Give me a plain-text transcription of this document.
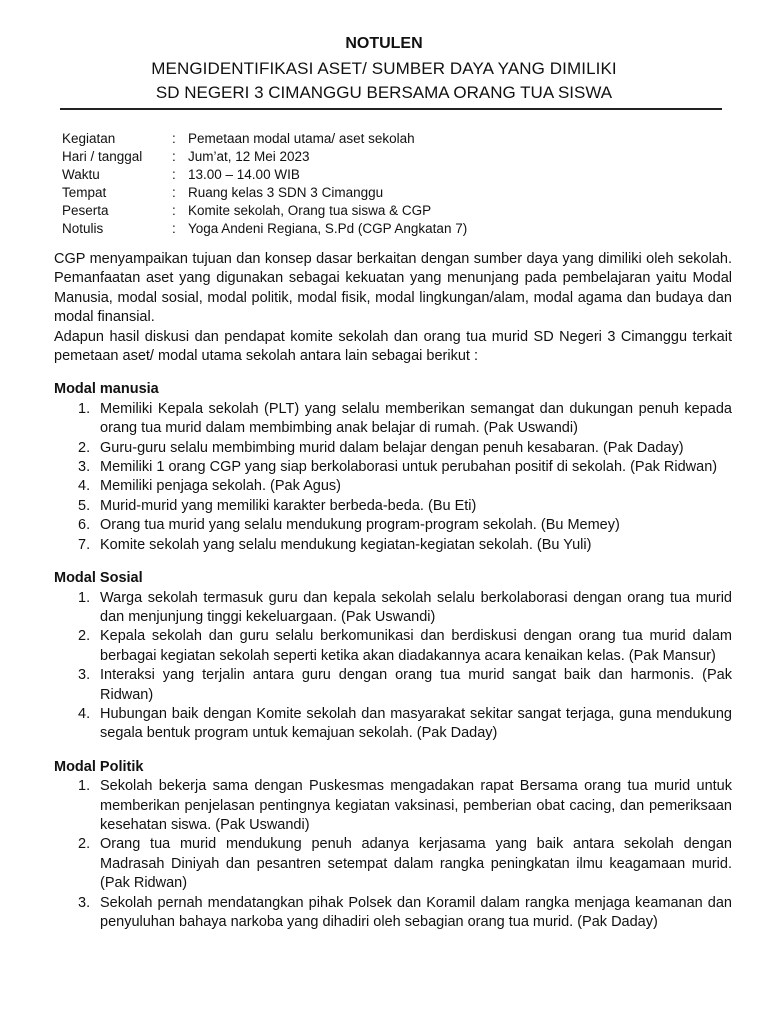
NOTULEN
MENGIDENTIFIKASI ASET/ SUMBER DAYA YANG DIMILIKI
SD NEGERI 3 CIMANGGU BERSAMA ORANG TUA SISWA
Kegiatan	: Pemetaan modal utama/ aset sekolah
Hari / tanggal	: Jum’at, 12 Mei 2023
Waktu	: 13.00 – 14.00 WIB
Tempat	: Ruang kelas 3 SDN 3 Cimanggu
Peserta	: Komite sekolah, Orang tua siswa & CGP
Notulis	: Yoga Andeni Regiana, S.Pd (CGP Angkatan 7)

CGP menyampaikan tujuan dan konsep dasar berkaitan dengan sumber daya yang dimiliki oleh sekolah. Pemanfaatan aset yang digunakan sebagai kekuatan yang menunjang pada pembelajaran yaitu Modal Manusia, modal sosial, modal politik, modal fisik, modal lingkungan/alam, modal agama dan budaya dan modal finansial.

Adapun hasil diskusi dan pendapat komite sekolah dan orang tua murid SD Negeri 3 Cimanggu terkait pemetaan aset/ modal utama sekolah antara lain sebagai berikut :

Modal manusia
1. Memiliki Kepala sekolah (PLT) yang selalu memberikan semangat dan dukungan penuh kepada orang tua murid dalam membimbing anak belajar di rumah. (Pak Uswandi)
2. Guru-guru selalu membimbing murid dalam belajar dengan penuh kesabaran. (Pak Daday)
3. Memiliki 1 orang CGP yang siap berkolaborasi untuk perubahan positif di sekolah. (Pak Ridwan)
4. Memiliki penjaga sekolah. (Pak Agus)
5. Murid-murid yang memiliki karakter berbeda-beda. (Bu Eti)
6. Orang tua murid yang selalu mendukung program-program sekolah. (Bu Memey)
7. Komite sekolah yang selalu mendukung kegiatan-kegiatan sekolah. (Bu Yuli)
Modal Sosial
1. Warga sekolah termasuk guru dan kepala sekolah selalu berkolaborasi dengan orang tua murid dan menjunjung tinggi kekeluargaan. (Pak Uswandi)
2. Kepala sekolah dan guru selalu berkomunikasi dan berdiskusi dengan orang tua murid dalam berbagai kegiatan sekolah seperti ketika akan diadakannya acara kenaikan kelas. (Pak Mansur)
3. Interaksi yang terjalin antara guru dengan orang tua murid sangat baik dan harmonis. (Pak Ridwan)
4. Hubungan baik dengan Komite sekolah dan masyarakat sekitar sangat terjaga, guna mendukung segala bentuk program untuk kemajuan sekolah. (Pak Daday)
Modal Politik
1. Sekolah bekerja sama dengan Puskesmas mengadakan rapat Bersama orang tua murid untuk memberikan penjelasan pentingnya kegiatan vaksinasi, pemberian obat cacing, dan pemeriksaan kesehatan siswa. (Pak Uswandi)
2. Orang tua murid mendukung penuh adanya kerjasama yang baik antara sekolah dengan Madrasah Diniyah dan pesantren setempat dalam rangka peningkatan ilmu keagamaan murid. (Pak Ridwan)
3. Sekolah pernah mendatangkan pihak Polsek dan Koramil dalam rangka menjaga keamanan dan penyuluhan bahaya narkoba yang dihadiri oleh sebagian orang tua murid. (Pak Daday)
